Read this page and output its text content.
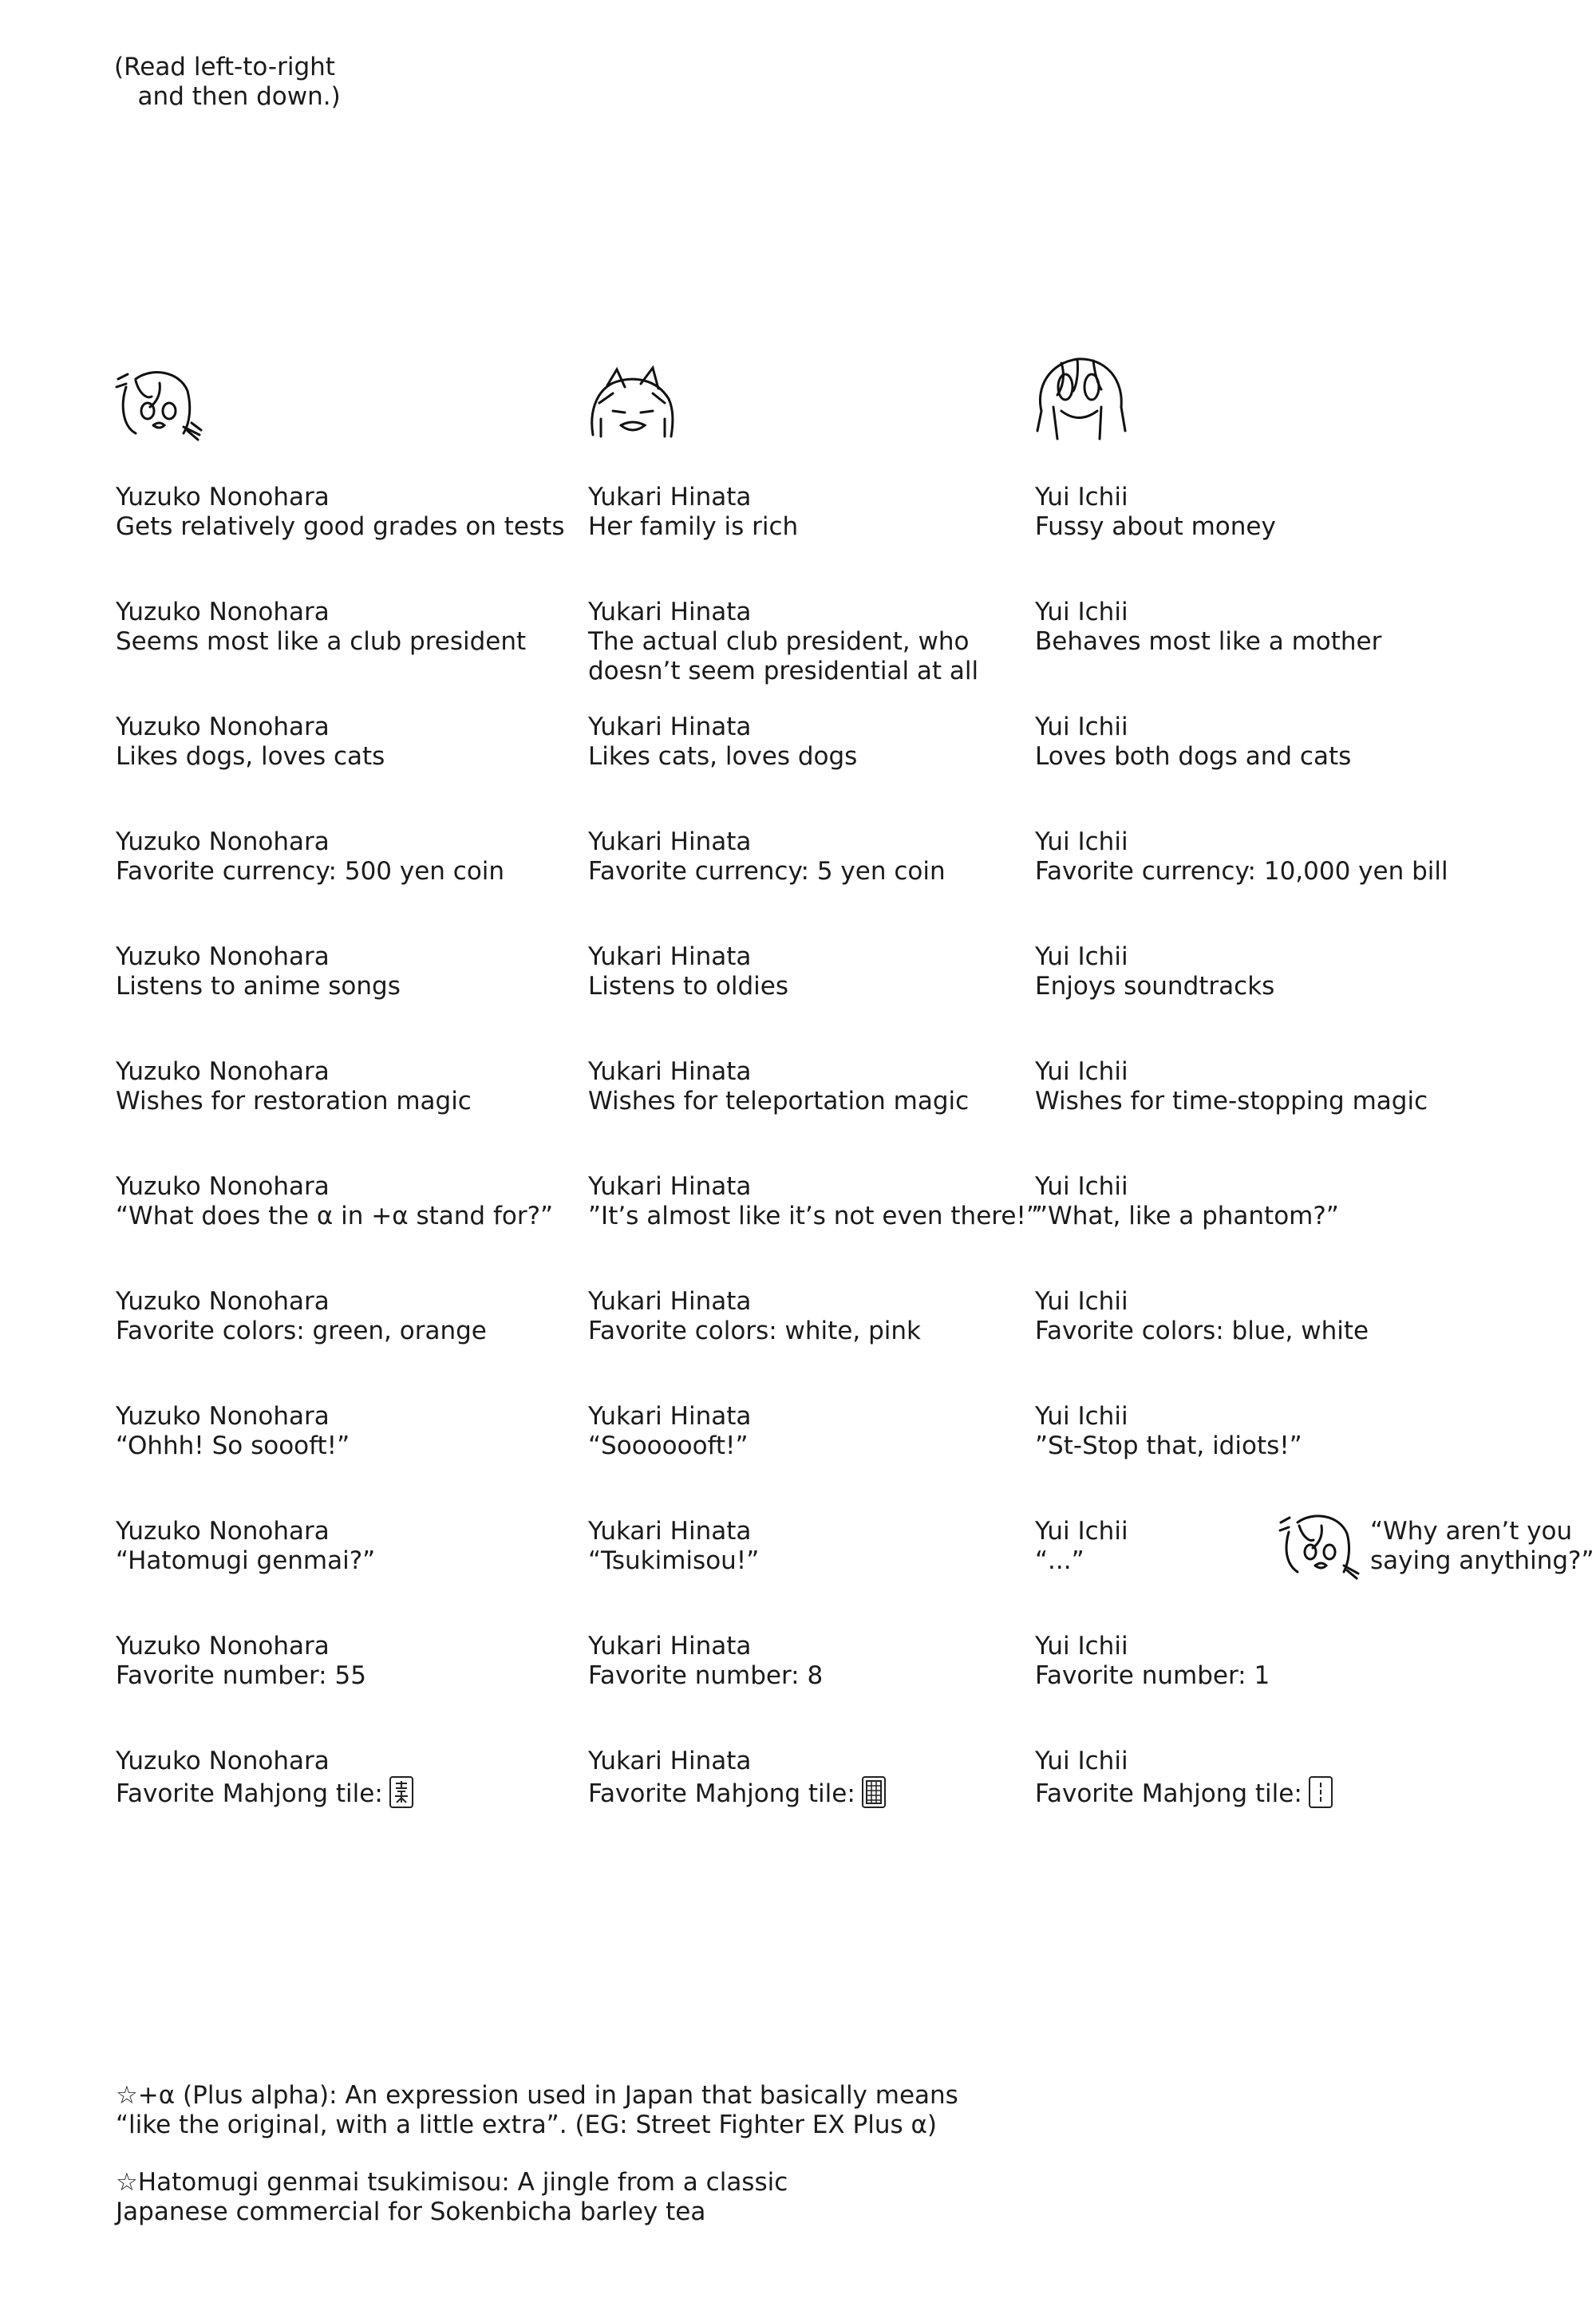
(Read left-to-right
and then down.)
Yuzuko Nonohara
Gets relatively good grades on tests
Yuzuko Nonohara
Seems most like a club president
Yuzuko Nonohara
Likes dogs, loves cats
Yuzuko Nonohara
Favorite currency: 500 yen coin
Yuzuko Nonohara
Listens to anime songs
Yuzuko Nonohara
Wishes for restoration magic
Yuzuko Nonohara
“What does the α in +α stand for?”
Yuzuko Nonohara
Favorite colors: green, orange
Yuzuko Nonohara
“Ohhh! So soooft!”
Yuzuko Nonohara
“Hatomugi genmai?”
Yuzuko Nonohara
Favorite number: 55
Yuzuko Nonohara
Favorite Mahjong tile:
Yukari Hinata
Her family is rich
Yukari Hinata
The actual club president, who
doesn’t seem presidential at all
Yukari Hinata
Likes cats, loves dogs
Yukari Hinata
Favorite currency: 5 yen coin
Yukari Hinata
Listens to oldies
Yukari Hinata
Wishes for teleportation magic
Yukari Hinata
”It’s almost like it’s not even there!”
Yukari Hinata
Favorite colors: white, pink
Yukari Hinata
“Sooooooft!”
Yukari Hinata
“Tsukimisou!”
Yukari Hinata
Favorite number: 8
Yukari Hinata
Favorite Mahjong tile:
Yui Ichii
Fussy about money
Yui Ichii
Behaves most like a mother
Yui Ichii
Loves both dogs and cats
Yui Ichii
Favorite currency: 10,000 yen bill
Yui Ichii
Enjoys soundtracks
Yui Ichii
Wishes for time-stopping magic
Yui Ichii
”What, like a phantom?”
Yui Ichii
Favorite colors: blue, white
Yui Ichii
”St-Stop that, idiots!”
Yui Ichii
“...”
Yui Ichii
Favorite number: 1
Yui Ichii
Favorite Mahjong tile:
“Why aren’t you
saying anything?”
☆+α (Plus alpha): An expression used in Japan that basically means
“like the original, with a little extra”. (EG: Street Fighter EX Plus α)
☆Hatomugi genmai tsukimisou: A jingle from a classic
Japanese commercial for Sokenbicha barley tea
